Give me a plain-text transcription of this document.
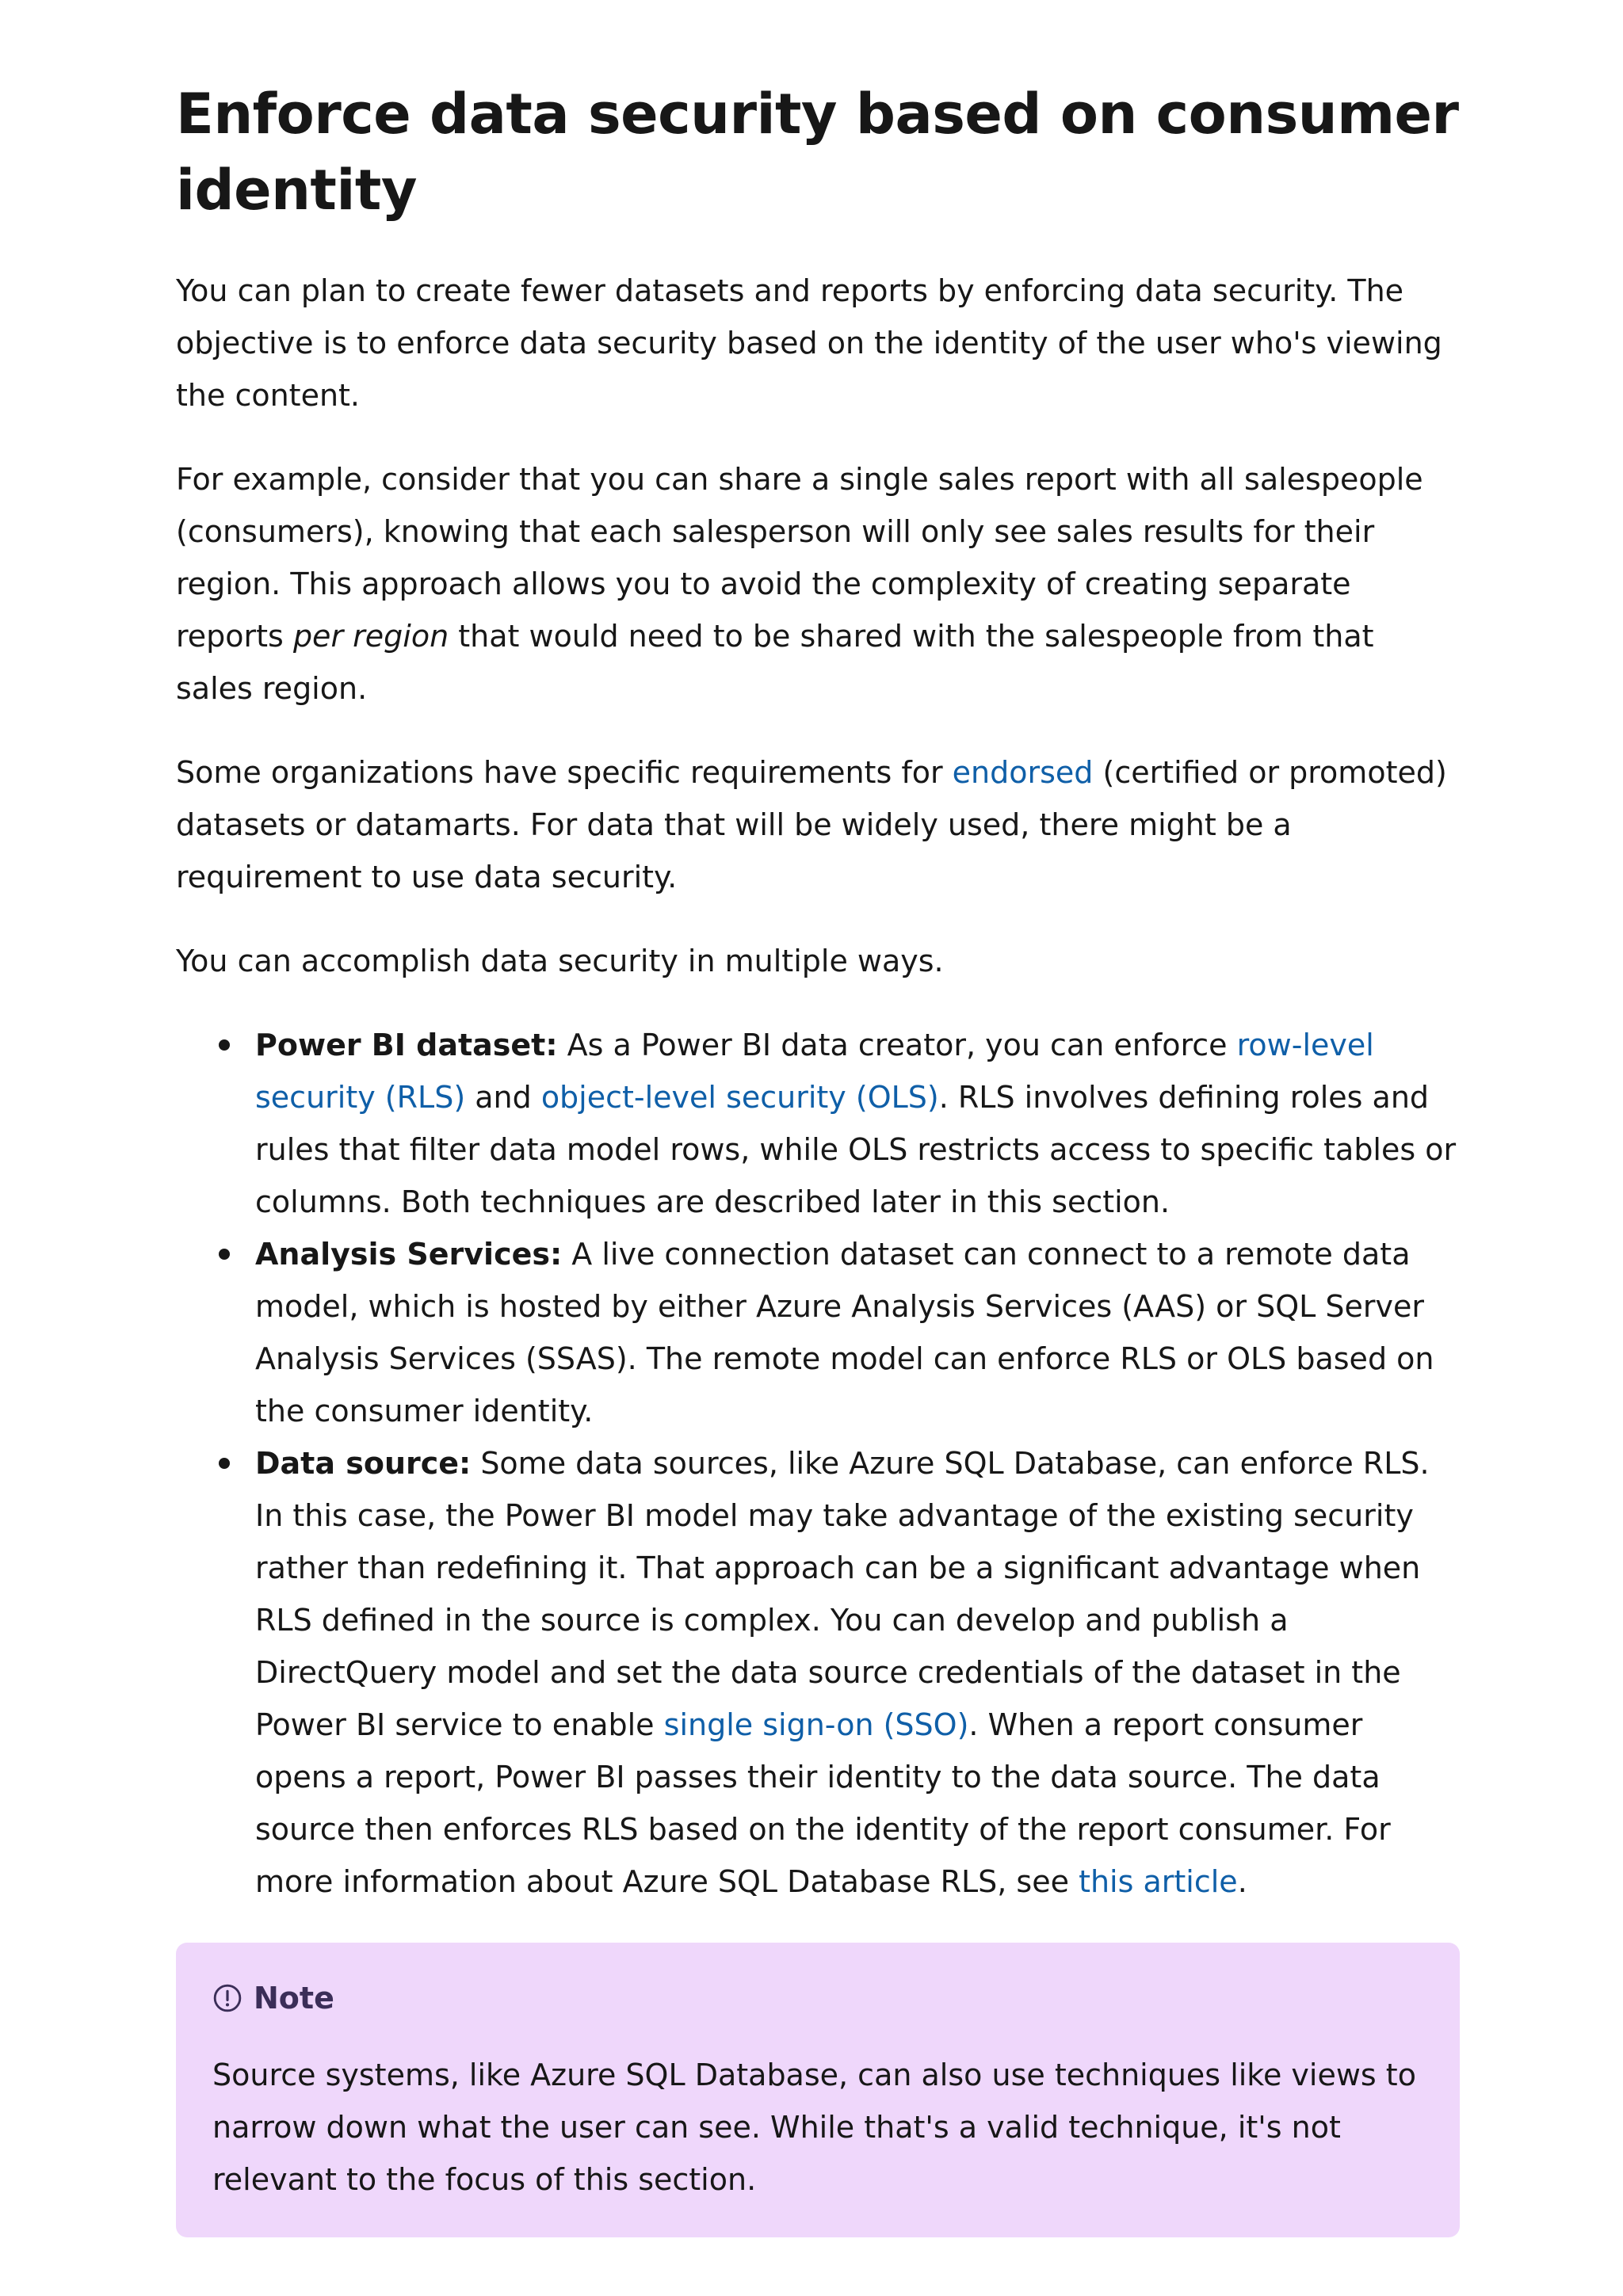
Enforce data security based on consumer identity

You can plan to create fewer datasets and reports by enforcing data security. The objective is to enforce data security based on the identity of the user who's viewing the content.

For example, consider that you can share a single sales report with all salespeople (consumers), knowing that each salesperson will only see sales results for their region. This approach allows you to avoid the complexity of creating separate reports per region that would need to be shared with the salespeople from that sales region.

Some organizations have specific requirements for endorsed (certified or promoted) datasets or datamarts. For data that will be widely used, there might be a requirement to use data security.

You can accomplish data security in multiple ways.

Power BI dataset: As a Power BI data creator, you can enforce row-level security (RLS) and object-level security (OLS). RLS involves defining roles and rules that filter data model rows, while OLS restricts access to specific tables or columns. Both techniques are described later in this section.
Analysis Services: A live connection dataset can connect to a remote data model, which is hosted by either Azure Analysis Services (AAS) or SQL Server Analysis Services (SSAS). The remote model can enforce RLS or OLS based on the consumer identity.
Data source: Some data sources, like Azure SQL Database, can enforce RLS. In this case, the Power BI model may take advantage of the existing security rather than redefining it. That approach can be a significant advantage when RLS defined in the source is complex. You can develop and publish a DirectQuery model and set the data source credentials of the dataset in the Power BI service to enable single sign-on (SSO). When a report consumer opens a report, Power BI passes their identity to the data source. The data source then enforces RLS based on the identity of the report consumer. For more information about Azure SQL Database RLS, see this article.
Note

Source systems, like Azure SQL Database, can also use techniques like views to narrow down what the user can see. While that's a valid technique, it's not relevant to the focus of this section.
